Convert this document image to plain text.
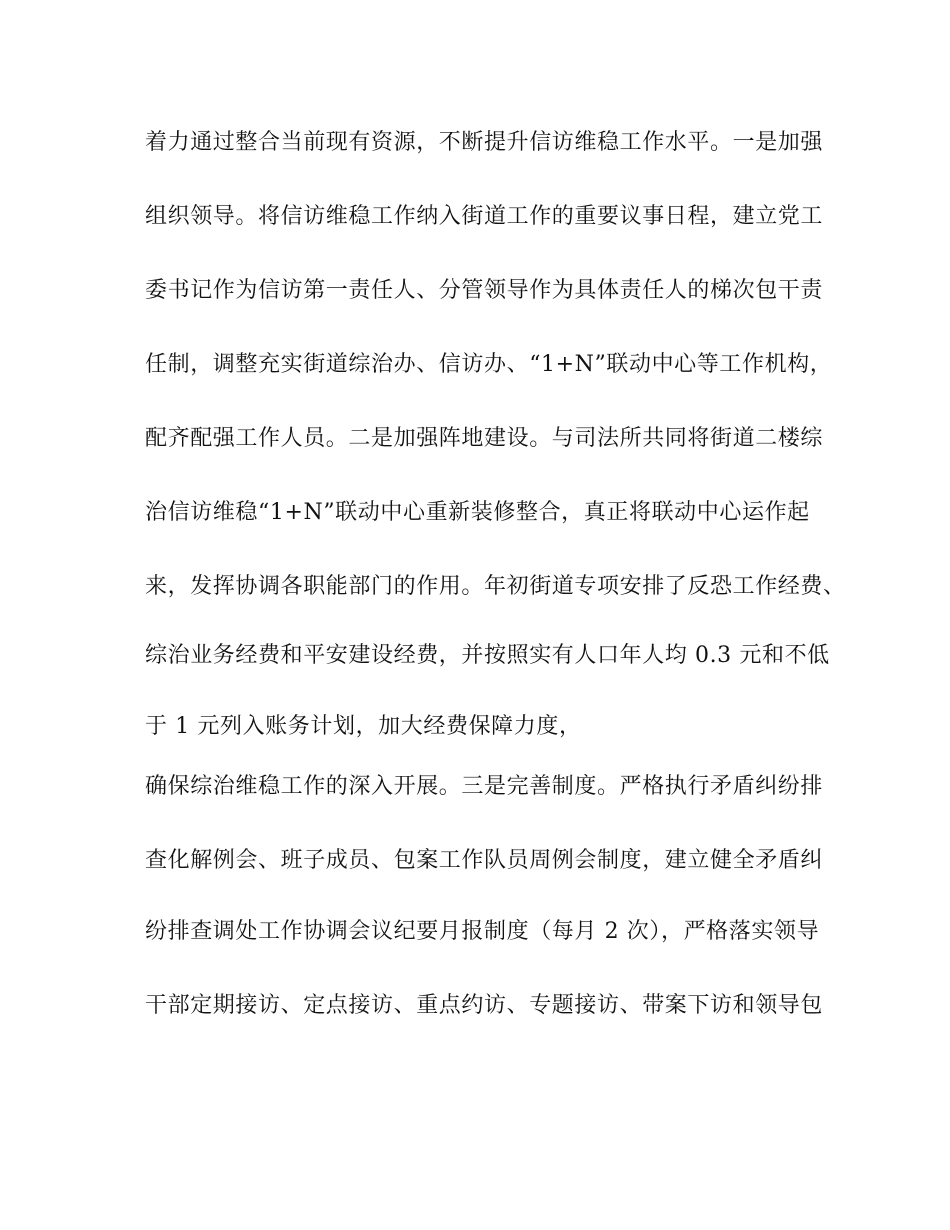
着力通过整合当前现有资源，不断提升信访维稳工作水平。一是加强
组织领导。将信访维稳工作纳入街道工作的重要议事日程，建立党工
委书记作为信访第一责任人、分管领导作为具体责任人的梯次包干责
任制，调整充实街道综治办、信访办、“1+N”联动中心等工作机构，
配齐配强工作人员。二是加强阵地建设。与司法所共同将街道二楼综
治信访维稳“1+N”联动中心重新装修整合，真正将联动中心运作起
来，发挥协调各职能部门的作用。年初街道专项安排了反恐工作经费、
综治业务经费和平安建设经费，并按照实有人口年人均 0.3 元和不低
于 1 元列入账务计划，加大经费保障力度，
确保综治维稳工作的深入开展。三是完善制度。严格执行矛盾纠纷排
查化解例会、班子成员、包案工作队员周例会制度，建立健全矛盾纠
纷排查调处工作协调会议纪要月报制度（每月 2 次），严格落实领导
干部定期接访、定点接访、重点约访、专题接访、带案下访和领导包
